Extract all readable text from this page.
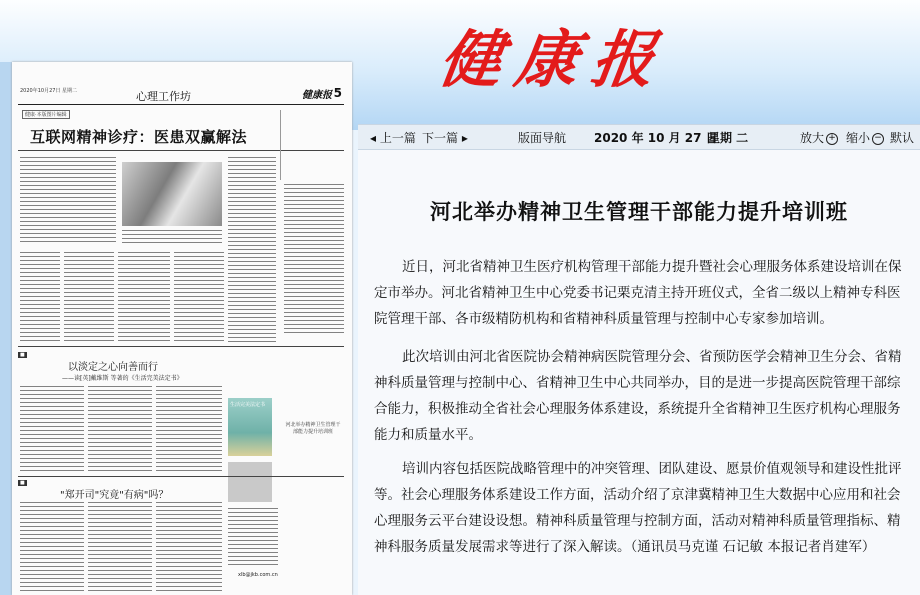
健康报
2020年10月27日 星期二	心理工作坊	健康报 5
健康·本版图片编辑
互联网精神诊疗：医患双赢解法
■
以淡定之心向善而行
——读[英]戴维斯 等著的《生活完美法定书》
生活完美法定书
河北举办精神卫生管理干部能力提升培训班
■
"郑开司"究竟"有病"吗？
xlb@jkb.com.cn
◂ 上一篇 下一篇 ▸	版面导航 2020 年 10 月 27 日
星期 二	放大 + 缩小 − 默认
河北举办精神卫生管理干部能力提升培训班

近日，河北省精神卫生医疗机构管理干部能力提升暨社会心理服务体系建设培训在保定市举办。河北省精神卫生中心党委书记栗克清主持开班仪式，全省二级以上精神专科医院管理干部、各市级精防机构和省精神科质量管理与控制中心专家参加培训。

此次培训由河北省医院协会精神病医院管理分会、省预防医学会精神卫生分会、省精神科质量管理与控制中心、省精神卫生中心共同举办，目的是进一步提高医院管理干部综合能力，积极推动全省社会心理服务体系建设，系统提升全省精神卫生医疗机构心理服务能力和质量水平。

培训内容包括医院战略管理中的冲突管理、团队建设、愿景价值观领导和建设性批评等。社会心理服务体系建设工作方面，活动介绍了京津冀精神卫生大数据中心应用和社会心理服务云平台建设设想。精神科质量管理与控制方面，活动对精神科质量管理指标、精神科服务质量发展需求等进行了深入解读。（通讯员马克谨 石记敏 本报记者肖建军）
